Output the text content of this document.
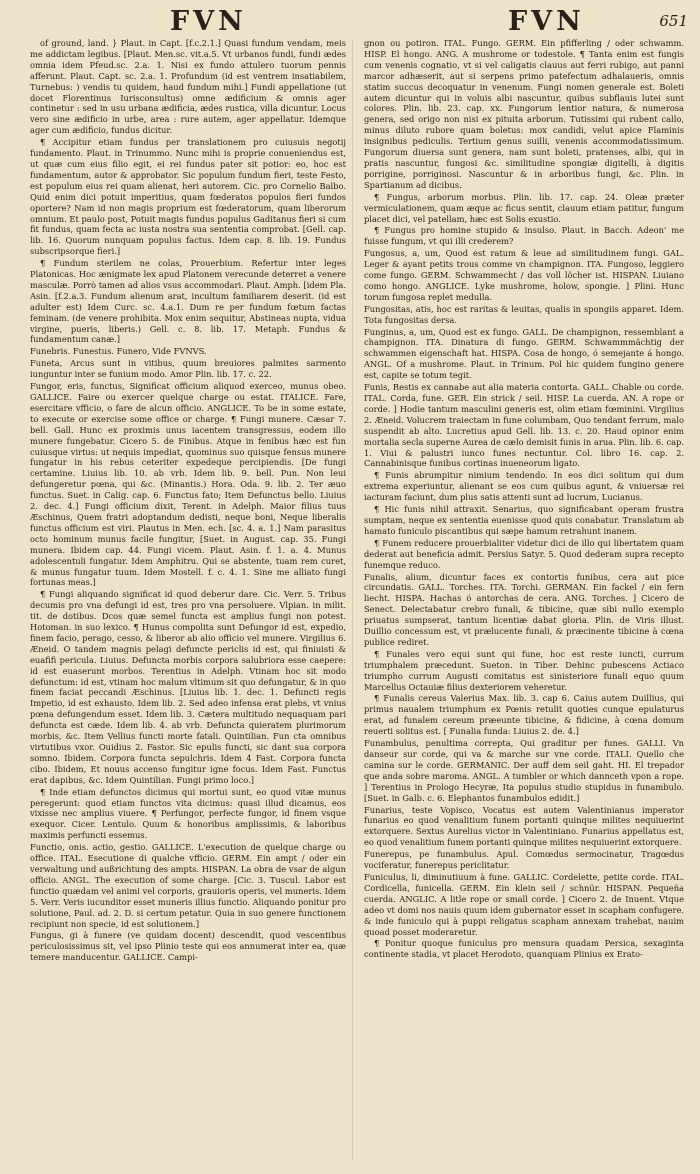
FVN	FVN	651

of ground, land. } Plaut. in Capt. [f.c.2.1.] Quasi fundum vendam, meis me addictam legibus. [Plaut. Men.sc. vit.a.5. Vt urbanos fundi, fundi ædes omnia idem Pfeud.sc. 2.a. 1. Nisi ex fundo attulero tuorum pennis afferunt. Plaut. Capt. sc. 2.a. 1. Profundum (id est ventrem insatiabilem, Turnebus: ) vendis tu quidem, haud fundum mihi.] Fundi appellatione (ut docet Florentinus Iurisconsultus) omne ædificium & omnis ager continetur : sed in usu urbana ædificia, ædes rustica, villa dicuntur. Locus vero sine ædificio in urbe, area : rure autem, ager appellatur. Idemque ager cum ædificio, fundus dicitur.

¶ Accipitur etiam fundus per translationem pro cuiusuis negotij fundamento. Plaut. in Trinummo. Nunc mihi is proprie conueniendus est, ut quæ cum eius filio egit, ei rei fundus pater sit potior: eo, hoc est fundamentum, autor & approbator. Sic populum fundum fieri, teste Festo, est populum eius rei quam alienat, heri autorem. Cic. pro Cornelio Balbo. Quid enim dici potuit imperitius, quam fœderatos populos fieri fundos oportere? Nam id non magis proprium est fœderatorum, quam liberorum omnium. Et paulo post, Potuit magis fundus populus Gaditanus fieri si cum fit fundus, quam fecta ac iusta nostra sua sententia comprobat. [Gell. cap. lib. 16. Quorum nunquam populus factus. Idem cap. 8. lib. 19. Fundus subscripsorque fieri.]

¶ Fundum sterilem ne colas, Prouerbium. Refertur inter leges Platonicas. Hoc ænigmate lex apud Platonem verecunde deterret a venere masculæ. Porrò tamen ad alios vsus accommodari. Plaut. Amph. [idem Pla. Asin. [f.2.a.3. Fundum alienum arat, incultum familiarem deserit. (id est adulter est) Idem Curc. sc. 4.a.1. Dum re per fundum fœtum factas feminam. (de venere prohibita. Mox enim sequitur, Abstineas nupta, vidua virgine, pueris, liberis.) Gell. c. 8. lib. 17. Metaph. Fundus & fundamentum canæ.]

Funebris. Funestus. Funero, Vide FVNVS.

Funeta, Arcus sunt in vitibus, quum breuiores palmites sarmento iunguntur inter se funium modo. Amor Plin. lib. 17. c. 22.

Fungor, eris, functus, Significat officium aliquod exerceo, munus obeo. GALLICE. Faire ou exercer quelque charge ou estat. ITALICE. Fare, esercitare vfficio, o fare de alcun officio. ANGLICE. To be in some estate, to execute or exercise some office or charge. ¶ Fungi munere. Cæsar 7. bell. Gall. Hunc ex proximis unus iacentem transgressus, eodem illo munere fungebatur. Cicero 5. de Finibus. Atque in fenibus hæc est fun cuiusque virtus: ut nequis impediat, quominus suo quisque fensus munere fungatur in his rebus ceteriter expedeque percipiendis. [De fungi certamine. Liuius lib. 10. ab vrb. Idem lib. 9. bell. Pun. Non leui defungeretur pœna, qui &c. (Minantis.) Hora. Oda. 9. lib. 2. Ter æuo functus. Suet. in Calig. cap. 6. Functus fato; Item Defunctus bello. Liuius 2. dec. 4.] Fungi officium dixit, Terent. in Adelph. Maior filius tuus Æschinus, Quem fratri adoptandum dedisti, neque boni, Neque liberalis functus officium est viri. Plautus in Men. ech. [sc. 4. a. 1.] Nam parasitus octo hominum munus facile fungitur, [Suet. in August. cap. 35. Fungi munera. Ibidem cap. 44. Fungi vicem. Plaut. Asin. f. 1. a. 4. Munus adolescentuli fungatur. Idem Amphitru. Qui se abstente, tuam rem curet, & munus fungatur tuum. Idem Mostell. f. c. 4. 1. Sine me alliato fungi fortunas meas.]

¶ Fungi aliquando significat id quod deberur dare. Cic. Verr. 5. Tribus decumis pro vna defungi id est, tres pro vna persoluere. Vlpian. in milit. tit. de dotibus. Dcos quæ semel functa est amplius fungi non potest. Hotoman. in suo lexico. ¶ Hunus compolita sunt Defungor id est, expedio, finem facio, perago, cesso, & liberor ab alio officio vel munere. Virgilius 6. Æneid. O tandem magnis pelagi defuncte periclis id est, qui finiuisti & euafifi pericula. Liuius. Defuncta morbis corpora salubriora esse caepere: id est euaserunt morbos. Terentius in Adelph. Vtinam hoc sit modo defunctum: id est, vtinam hoc malum vltimum sit quo defungatur, & in quo finem faciat peccandi Æschinus. [Liuius lib. 1. dec. 1. Defuncti regis Impetio, id est exhausto. Idem lib. 2. Sed adeo infensa erat plebs, vt vnius pœna defungendum esset. Idem lib. 3. Cætera multitudo nequaquam pari defuncta est cæde. Idem lib. 4. ab vrb. Defuncta quieratem plurimorum morbis, &c. Item Vellius functi morte fatali. Quintilian. Fun cta omnibus virtutibus vxor. Ouidius 2. Fastor. Sic epulis functi, sic dant sua corpora somno. Ibidem. Corpora functa sepulchris. Idem 4 Fast. Corpora functa cibo. Ibidem, Et nouus accenso fungitur igne focus. Idem Fast. Functus erat dapibus, &c. Idem Quintilian. Fungi primo loco.]

¶ Inde etiam defunctos dicimus qui mortui sunt, eo quod vitæ munus peregerunt: quod etiam functos vita dicimus: quasi illud dicamus, eos vixisse nec amplius viuere. ¶ Perfungor, perfecte fungor, id finem vsque exequor. Cicer. Lentulo. Quum & honoribus amplissimis, & laboribus maximis perfuncti essemus.

Functio, onis. actio, gestio. GALLICE. L'execution de quelque charge ou office. ITAL. Esecutione di qualche vfficio. GERM. Ein ampt / oder ein verwaltung und außrichtung des ampts. HISPAN. La obra de vsar de algun officio. ANGL. The execution of some charge. [Cic. 3. Tuscul. Labor est functio quædam vel animi vel corporis, grauioris operis, vel muneris. Idem 5. Verr. Veris iucunditor esset muneris illius functio. Aliquando ponitur pro solutione, Paul. ad. 2. D. si certum petatur. Quia in suo genere functionem recipiunt non specie, id est solutionem.]

Fungus, gi à funere (ve quidam docent) descendit, quod vescentibus periculosissimus sit, vel ipso Plinio teste qui eos annumerat inter ea, quæ temere manducentur. GALLICE. Campi-

gnon ou potiron. ITAL. Fungo. GERM. Ein pfifferling / oder schwamm. HISP. El hongo. ANG. A mushrome or todestole. ¶ Tanta enim est fungis cum venenis cognatio, vt si vel caligatis clauus aut ferri rubigo, aut panni marcor adhæserit, aut si serpens primo patefectum adhalaueris, omnis statim succus decoquatur in venenum. Fungi nomen generale est. Boleti autem dicuntur qui in voluis albi nascuntur, quibus subflauis lutei sunt colores. Plin. lib. 23. cap. xx. Fungorum lentior natura, & numerosa genera, sed origo non nisi ex pituita arborum. Tutissimi qui rubent callo, minus diluto rubore quam boletus: mox candidi, velut apice Flaminis insignibus pediculis. Tertium genus suilli, venenis accommodatissimum. Fungorum diuersa sunt genera, nam sunt boleti, pratenses, albi, qui in pratis nascuntur, fungosi &c. similitudine spongiæ digitelli, à digitis porrigine, porriginosi. Nascuntur & in arboribus fungi, &c. Plin. in Spartianum ad dicibus.

¶ Fungus, arborum morbus. Plin. lib. 17. cap. 24. Oleæ præter vermiculationem, quam æque ac ficus sentit, clauum etiam patitur, fungum placet dici, vel patellam, hæc est Solis exustio.

¶ Fungus pro homine stupido & insulso. Plaut. in Bacch. Adeon' me fuisse fungum, vt qui illi crederem?

Fungosus, a, um, Quod est ratum & leue ad similitudinem fungi. GAL. Leger & ayant petits trous comme vn champignon. ITA. Fungoso, leggiero come fungo. GERM. Schwammecht / das voll löcher ist. HISPAN. Liuiano como hongo. ANGLICE. Lyke mushrome, holow, spongie. ] Plini. Hunc torum fungosa replet medulla.

Fungositas, atis, hoc est raritas & leuitas, qualis in spongiis apparet. Idem. Tota fungositas dersa.

Funginus, a, um, Quod est ex fungo. GALL. De champignon, ressemblant a champignon. ITA. Dinatura di fungo. GERM. Schwammmächtig der schwammen eigenschaft hat. HISPA. Cosa de hongo, ó semejante á hongo. ANGL. Of a mushrome. Plaut. in Trinum. Pol hic quidem fungino genere est, capite se totum tegit.

Funis, Restis ex cannabe aut alia materia contorta. GALL. Chable ou corde. ITAL. Corda, fune. GER. Ein strick / seil. HISP. La cuerda. AN. A rope or corde. ] Hodie tantum masculini generis est, olim etiam fœminini. Virgilius 2. Æneid. Volucrem traiectam in fune columbam, Quo tendant ferrum, malo suspendit ab alto. Lucretius apud Gell. lib. 13. c. 20. Haud opinor enim mortalia secla superne Aurea de cælo demisit funis in arua. Plin. lib. 6. cap. 1. Viui & palustri iunco funes nectuntur. Col. libro 16. cap. 2. Cannabinisque funibus cortinas inueneorum ligato.

¶ Funis abrumpitur nimium tendendo. In eos dici solitum qui dum extrema experiuntur, alienant se eos cum quibus agunt, & vniuersæ rei iacturam faciunt, dum plus satis attenti sunt ad lucrum, Lucianus.

¶ Hic funis nihil attraxit. Senarius, quo significabant operam frustra sumptam, neque ex sententia euenisse quod quis conabatur. Translatum ab hamato funiculo piscantibus qui sæpe hamum retrahunt inanem.

¶ Funem reducere prouerbialiter videtur dici de illo qui libertatem quam dederat aut beneficia admit. Persius Satyr. 5. Quod dederam supra recepto funemque reduco.

Funalis, alium, dicuntur faces ex contortis funibus, cera aut pice circundatis. GALL. Torches. ITA. Torchi. GERMAN. Ein fackel / ein fern liecht. HISPA. Hachas ó antorchas de cera. ANG. Torches. ] Cicero de Senect. Delectabatur crebro funali, & tibicine, quæ sibi nullo exemplo priuatus sumpserat, tantum licentiæ dabat gloria. Plin. de Viris illust. Duillio concessum est, vt prælucente funali, & præcinente tibicine à cœna publice rediret.

¶ Funales vero equi sunt qui fune, hoc est reste iuncti, currum triumphalem præcedunt. Sueton. in Tiber. Dehinc pubescens Actiaco triumpho currum Augusti comitatus est sinisteriore funali equo quum Marcellus Octauiæ filius dexteriorem veheretur.

¶ Funalis cereus Valerius Max. lib. 3. cap 6. Caius autem Duillius, qui primus naualem triumphum ex Pœnis retulit quoties cunque epulaturus erat, ad funalem cereum præeunte tibicine, & fidicine, à cœna domum reuerti solitus est. [ Funalia funda: Liuius 2. de. 4.]

Funambulus, penultima correpta, Qui graditur per funes. GALLI. Vn danseur sur corde, qui va & marche sur vne corde. ITALI. Quello che camina sur le corde. GERMANIC. Der auff dem seil gaht. HI. El trepador que anda sobre maroma. ANGL. A tumbler or which dannceth vpon a rope. ] Terentius in Prologo Hecyræ, Ita populus studio stupidus in funambulo. [Suet. in Galb. c. 6. Elephantos funambulos edidit.]

Funarius, teste Vopisco, Vocatus est autem Valentinianus imperator funarius eo quod venalitium funem portanti quinque milites nequiuerint extorquere. Sextus Aurelius victor in Valentiniano. Funarius appellatus est, eo quod venalitium funem portanti quinque milites nequiuerint extorquere.

Funerepus, pe funambulus. Apul. Comœdus sermocinatur, Tragœdus vociferatur, funerepus periclitatur.

Funiculus, li, diminutiuum à fune. GALLIC. Cordelette, petite corde. ITAL. Cordicella, funicella. GERM. Ein klein seil / schnür. HISPAN. Pequeña cuerda. ANGLIC. A litle rope or small corde. ] Cicero 2. de Inuent. Vtque adeo vt domi nos nauis quum idem gubernator esset in scapham confugere. & inde funiculo qui à puppi religatus scapham annexam trahebat, nauim quoad posset moderaretur.

¶ Ponitur quoque funiculus pro mensura quadam Persica, sexaginta continente stadia, vt placet Herodoto, quanquam Plinius ex Erato-
